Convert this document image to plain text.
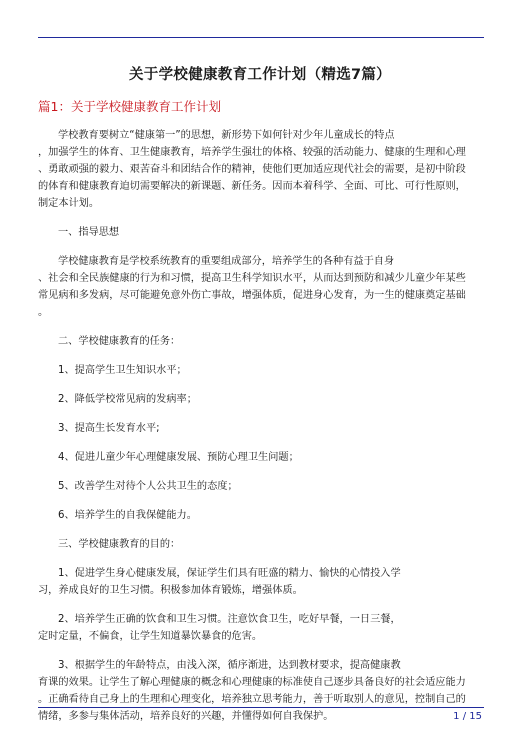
关于学校健康教育工作计划（精选7篇）
篇1：关于学校健康教育工作计划

学校教育要树立“健康第一”的思想，新形势下如何针对少年儿童成长的特点
，加强学生的体育、卫生健康教育，培养学生强壮的体格、较强的活动能力、健康的生理和心理
、勇敢顽强的毅力、艰苦奋斗和团结合作的精神，使他们更加适应现代社会的需要，是初中阶段
的体育和健康教育迫切需要解决的新课题、新任务。因而本着科学、全面、可比、可行性原则，
制定本计划。

一、指导思想

学校健康教育是学校系统教育的重要组成部分，培养学生的各种有益于自身
、社会和全民族健康的行为和习惯，提高卫生科学知识水平，从而达到预防和减少儿童少年某些
常见病和多发病，尽可能避免意外伤亡事故，增强体质，促进身心发育，为一生的健康奠定基础
。

二、学校健康教育的任务：

1、提高学生卫生知识水平；

2、降低学校常见病的发病率；

3、提高生长发育水平;

4、促进儿童少年心理健康发展、预防心理卫生问题；

5、改善学生对待个人公共卫生的态度；

6、培养学生的自我保健能力。

三、学校健康教育的目的：

1、促进学生身心健康发展，保证学生们具有旺盛的精力、愉快的心情投入学
习，养成良好的卫生习惯。积极参加体育锻炼，增强体质。

2、培养学生正确的饮食和卫生习惯。注意饮食卫生，吃好早餐，一日三餐，
定时定量，不偏食，让学生知道暴饮暴食的危害。

3、根据学生的年龄特点，由浅入深，循序渐进，达到教材要求，提高健康教
育课的效果。让学生了解心理健康的概念和心理健康的标准使自己逐步具备良好的社会适应能力
。正确看待自己身上的生理和心理变化，培养独立思考能力，善于听取别人的意见，控制自己的
情绪，多参与集体活动，培养良好的兴趣，并懂得如何自我保护。	1 / 15
